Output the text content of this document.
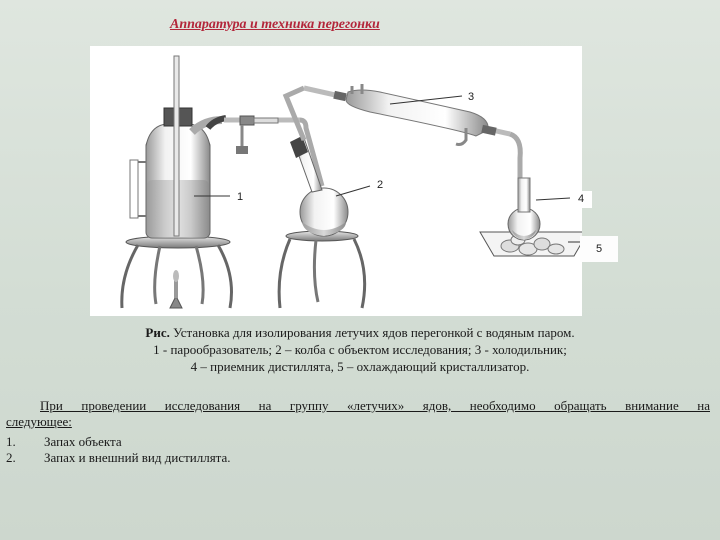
Аппаратура и техника перегонки
1
2
3
4
5
Рис. Установка для изолирования летучих ядов перегонкой с водяным паром.
1 - парообразователь; 2 – колба с объектом исследования; 3 - холодильник;
4 – приемник дистиллята, 5 – охлаждающий кристаллизатор.
При проведении исследования на группу «летучих» ядов, необходимо обращать внимание на
следующее:
1.	Запах объекта
2.	Запах и внешний вид дистиллята.
